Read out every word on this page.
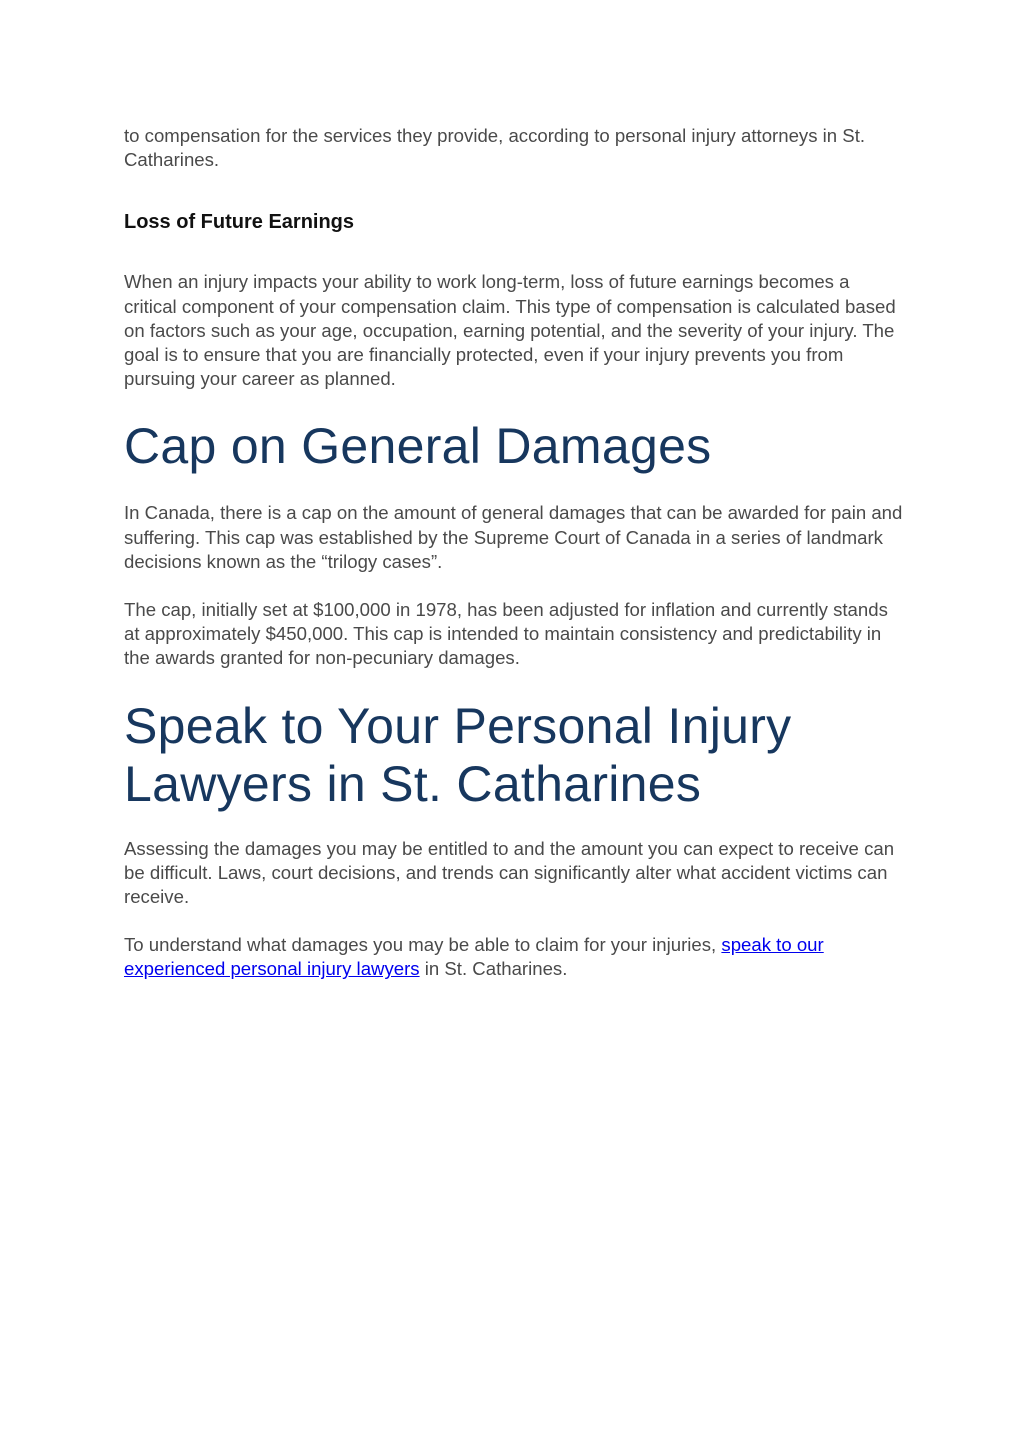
to compensation for the services they provide, according to personal injury attorneys in St. Catharines.

Loss of Future Earnings

When an injury impacts your ability to work long-term, loss of future earnings becomes a critical component of your compensation claim. This type of compensation is calculated based on factors such as your age, occupation, earning potential, and the severity of your injury. The goal is to ensure that you are financially protected, even if your injury prevents you from pursuing your career as planned.

Cap on General Damages

In Canada, there is a cap on the amount of general damages that can be awarded for pain and suffering. This cap was established by the Supreme Court of Canada in a series of landmark decisions known as the “trilogy cases”.

The cap, initially set at $100,000 in 1978, has been adjusted for inflation and currently stands at approximately $450,000. This cap is intended to maintain consistency and predictability in the awards granted for non-pecuniary damages.

Speak to Your Personal Injury Lawyers in St. Catharines

Assessing the damages you may be entitled to and the amount you can expect to receive can be difficult. Laws, court decisions, and trends can significantly alter what accident victims can receive.

To understand what damages you may be able to claim for your injuries, speak to our experienced personal injury lawyers in St. Catharines.
